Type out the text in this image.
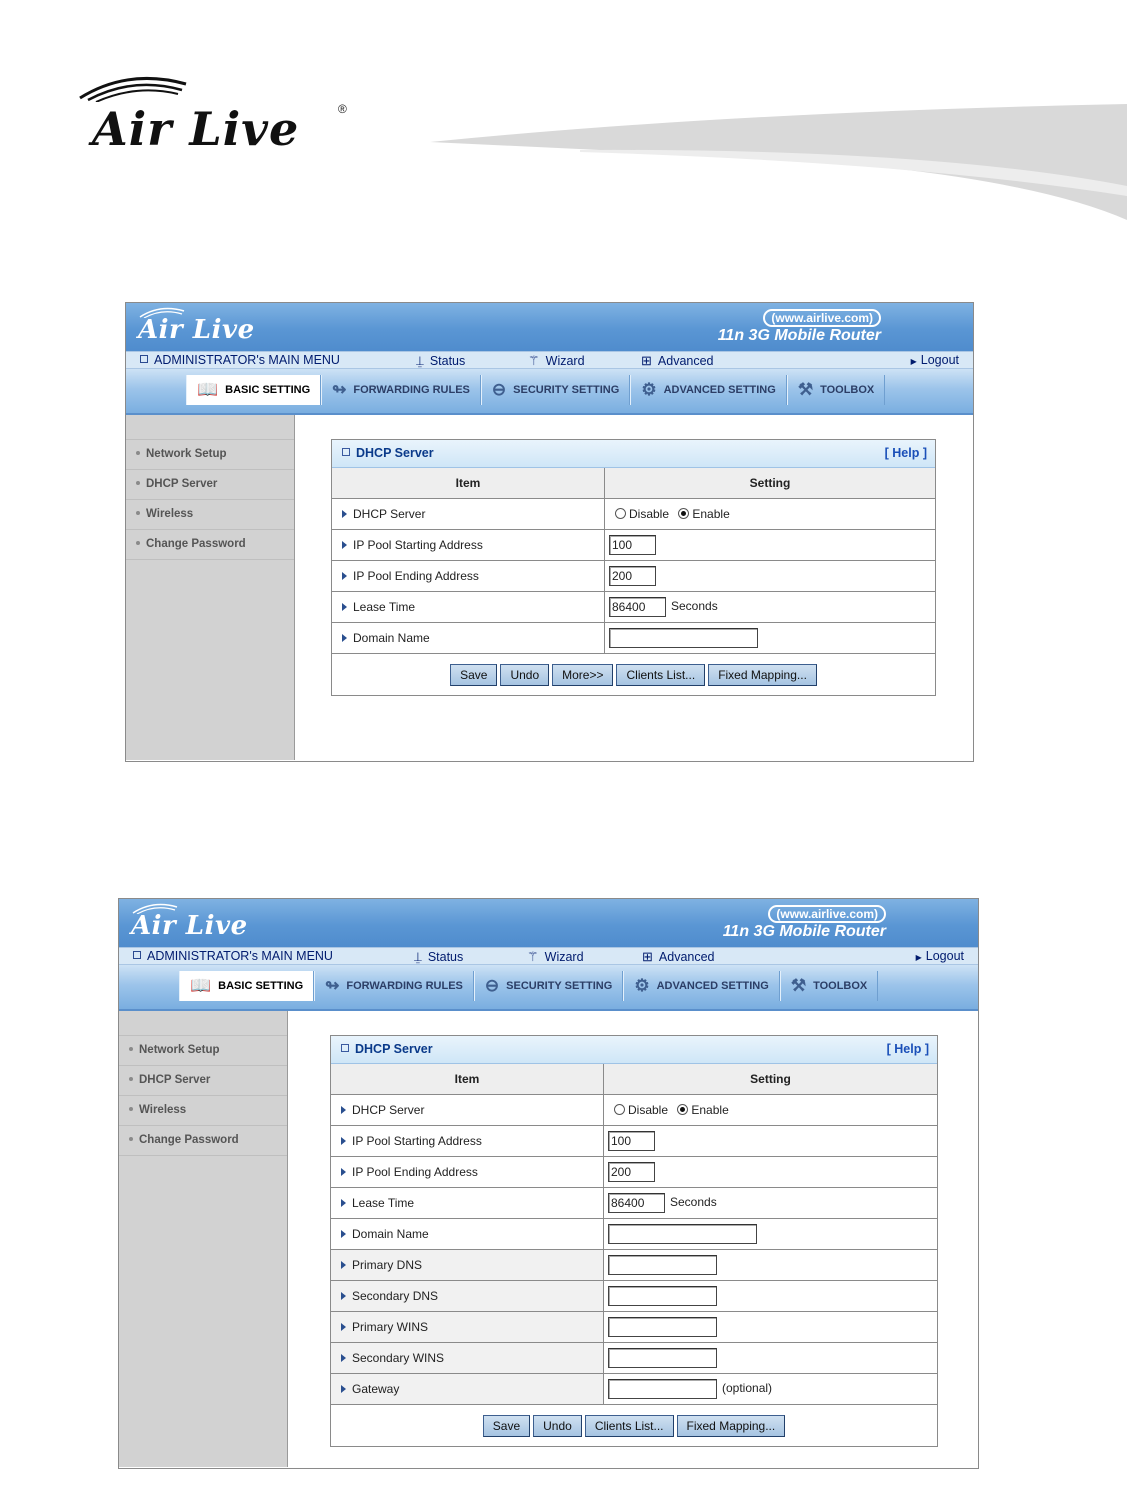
Air Live	®
Air Live	(www.airlive.com)
11n 3G Mobile Router
ADMINISTRATOR's MAIN MENU	⍊ Status	⚚ Wizard	⊞ Advanced	▶ Logout
📖 BASIC SETTING ↬ FORWARDING RULES ⊖ SECURITY SETTING ⚙ ADVANCED SETTING ⚒ TOOLBOX
Network Setup
DHCP Server
Wireless
Change Password
DHCP Server	[ Help ]
Item	Setting
DHCP Server	Disable Enable
IP Pool Starting Address	100
IP Pool Ending Address	200
Lease Time	86400 Seconds
Domain Name	
Save	Undo	More>>	Clients List...	Fixed Mapping...
Air Live	(www.airlive.com)
11n 3G Mobile Router
ADMINISTRATOR's MAIN MENU	⍊ Status	⚚ Wizard	⊞ Advanced	▶ Logout
📖 BASIC SETTING ↬ FORWARDING RULES ⊖ SECURITY SETTING ⚙ ADVANCED SETTING ⚒ TOOLBOX
Network Setup
DHCP Server
Wireless
Change Password
DHCP Server	[ Help ]
Item	Setting
DHCP Server	Disable Enable
IP Pool Starting Address	100
IP Pool Ending Address	200
Lease Time	86400 Seconds
Domain Name	
Primary DNS	
Secondary DNS	
Primary WINS	
Secondary WINS	
Gateway	(optional)
Save	Undo	Clients List...	Fixed Mapping...
